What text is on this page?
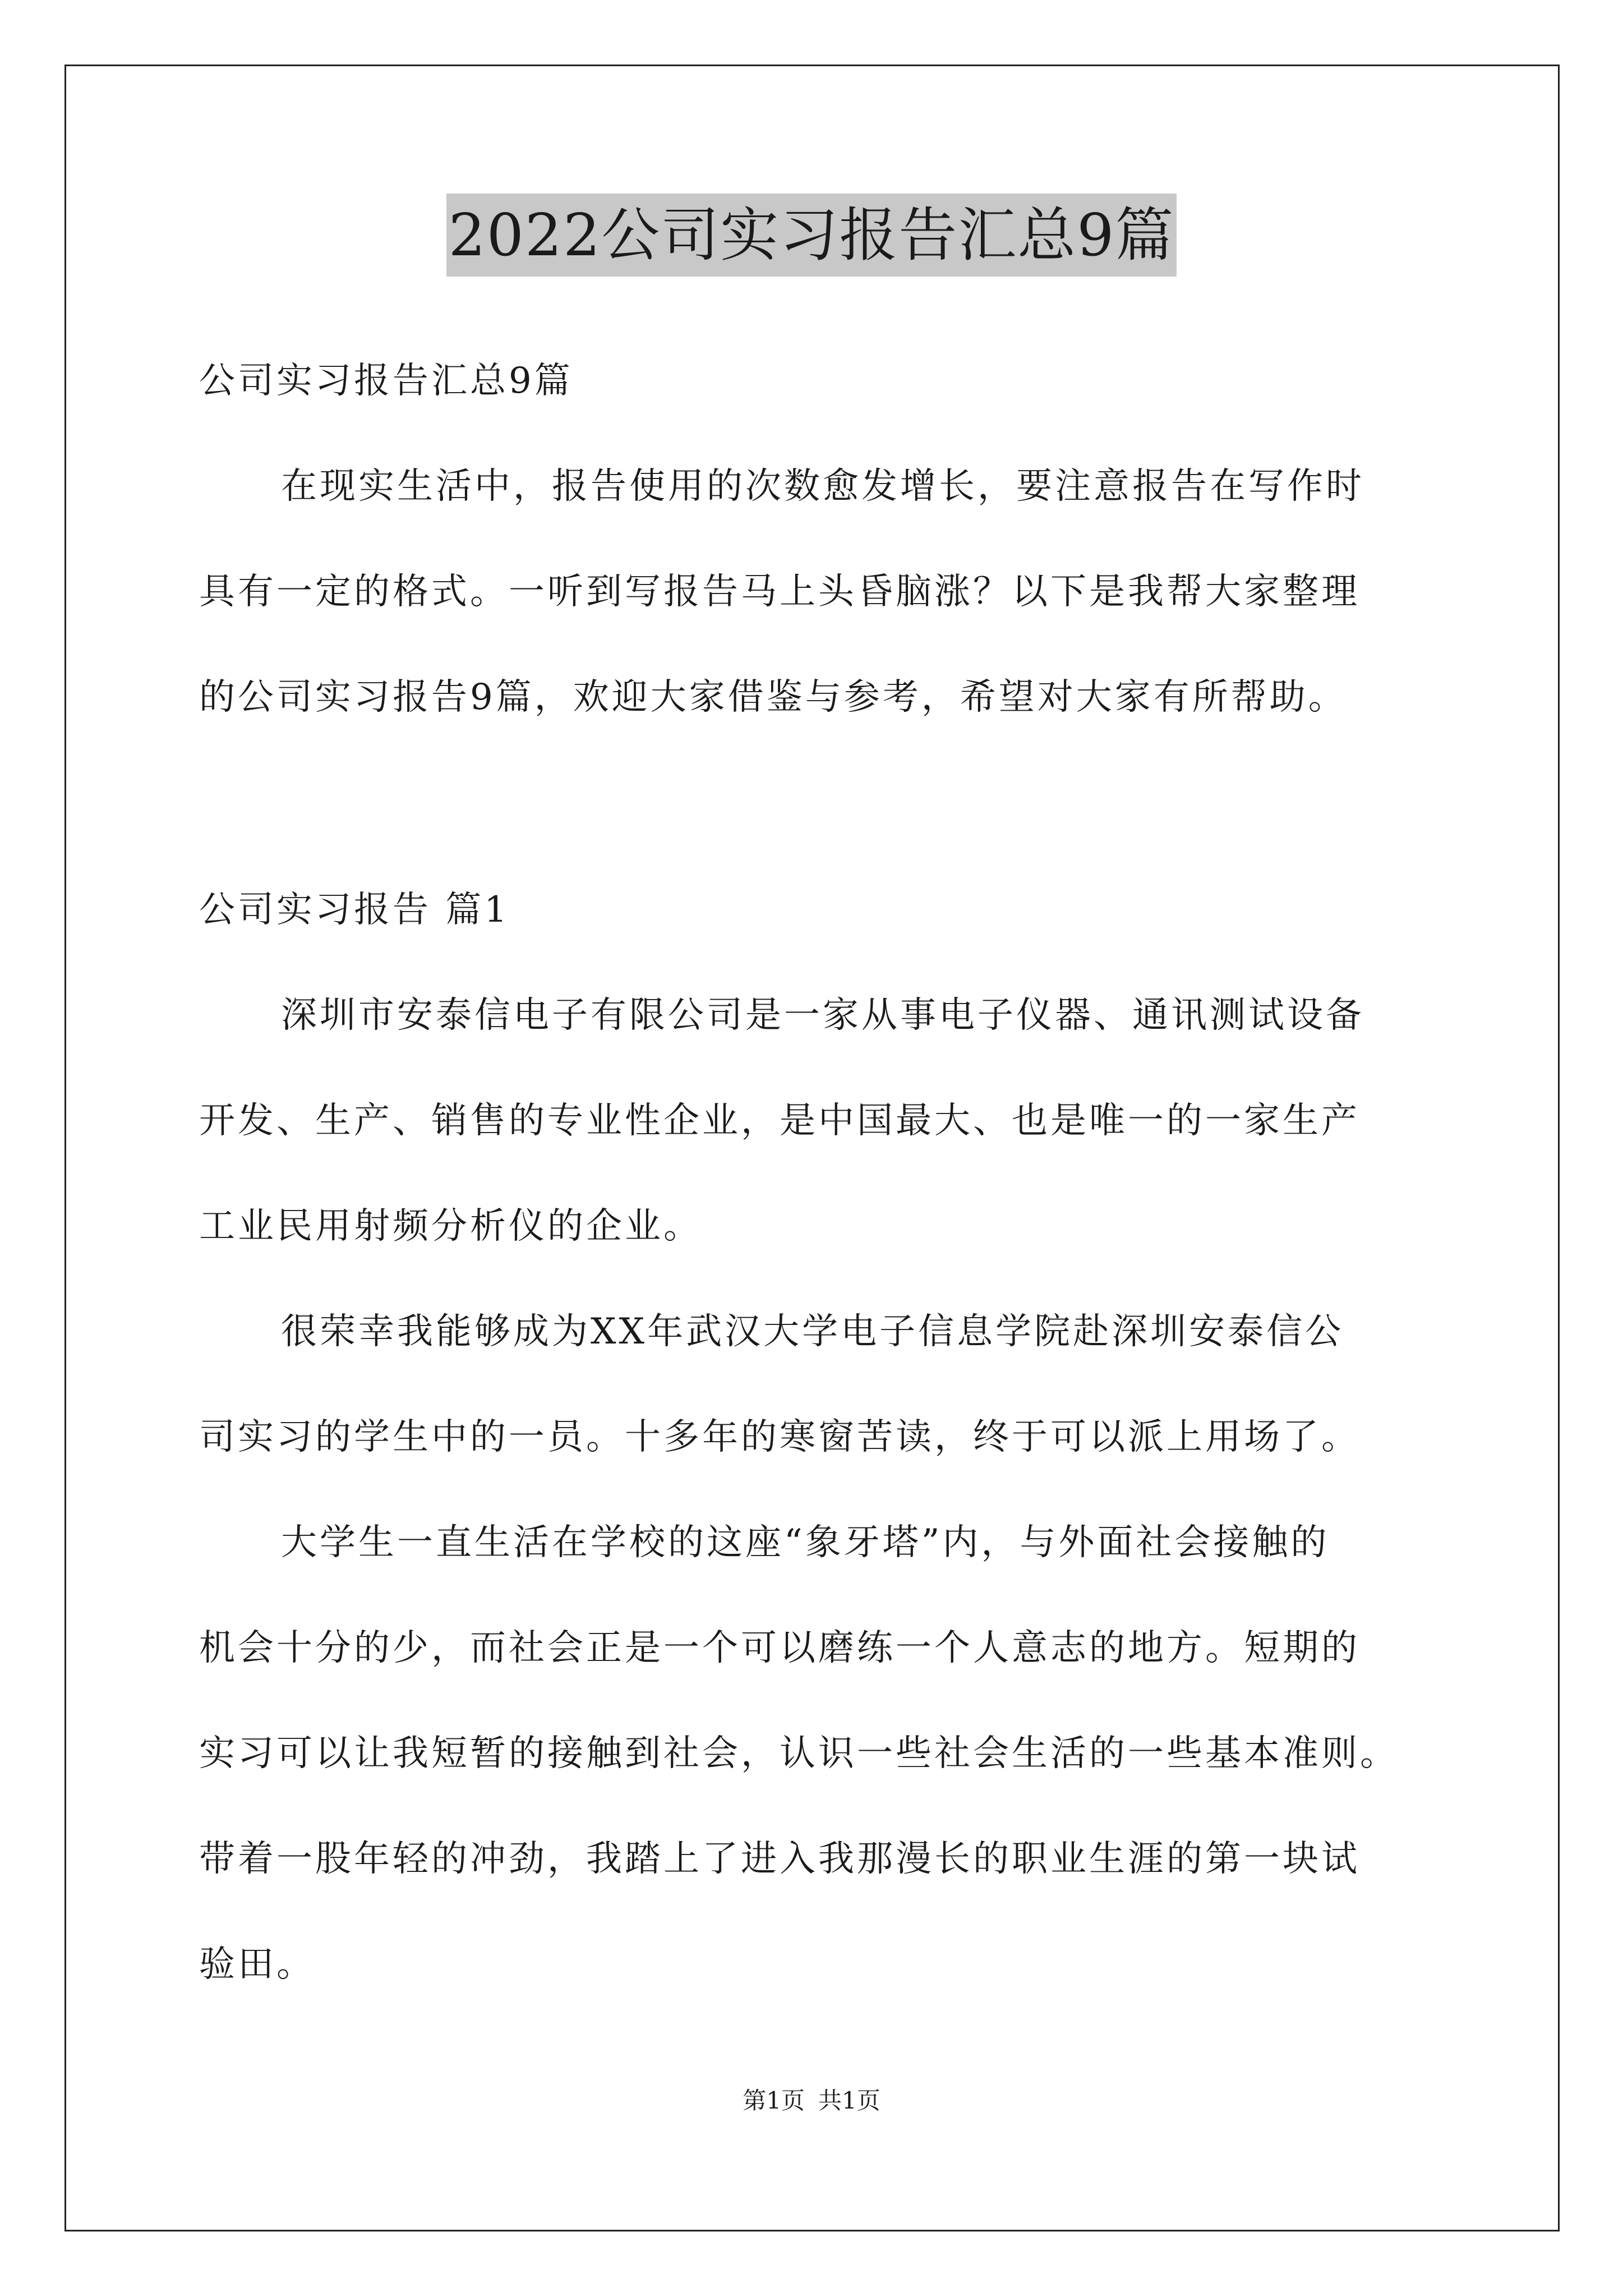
2022公司实习报告汇总9篇
公司实习报告汇总9篇
在现实生活中，报告使用的次数愈发增长，要注意报告在写作时
具有一定的格式。一听到写报告马上头昏脑涨？以下是我帮大家整理
的公司实习报告9篇，欢迎大家借鉴与参考，希望对大家有所帮助。
公司实习报告 篇1
深圳市安泰信电子有限公司是一家从事电子仪器、通讯测试设备
开发、生产、销售的专业性企业，是中国最大、也是唯一的一家生产
工业民用射频分析仪的企业。
很荣幸我能够成为XX年武汉大学电子信息学院赴深圳安泰信公
司实习的学生中的一员。十多年的寒窗苦读，终于可以派上用场了。
大学生一直生活在学校的这座“象牙塔”内，与外面社会接触的
机会十分的少，而社会正是一个可以磨练一个人意志的地方。短期的
实习可以让我短暂的接触到社会，认识一些社会生活的一些基本准则。
带着一股年轻的冲劲，我踏上了进入我那漫长的职业生涯的第一块试
验田。
第1页 共1页
